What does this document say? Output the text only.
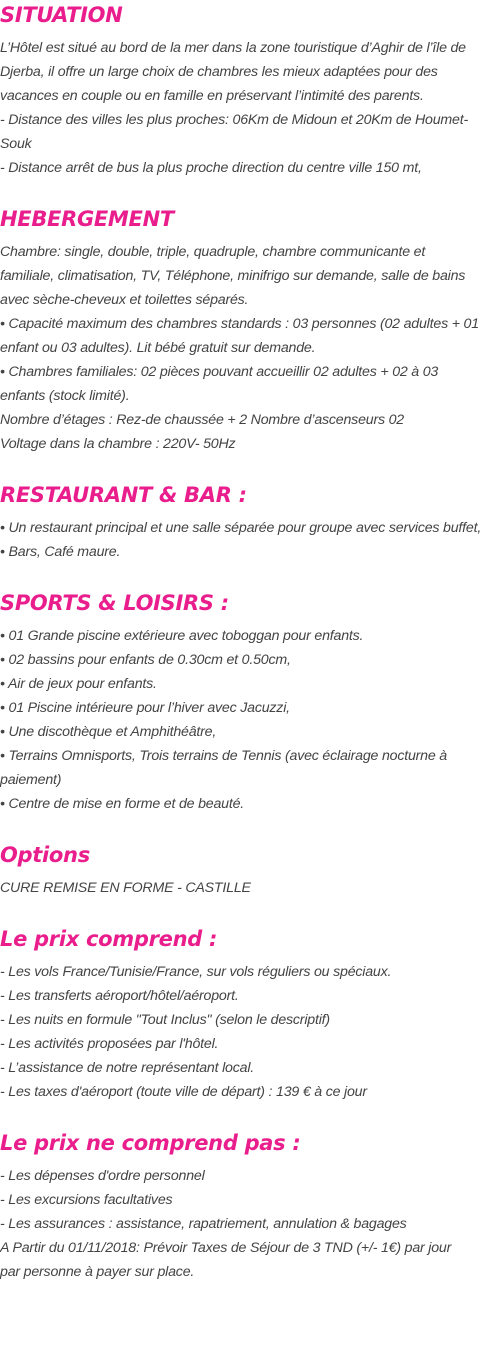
SITUATION

L’Hôtel est situé au bord de la mer dans la zone touristique d’Aghir de l’île de
Djerba, il offre un large choix de chambres les mieux adaptées pour des
vacances en couple ou en famille en préservant l’intimité des parents.
- Distance des villes les plus proches: 06Km de Midoun et 20Km de Houmet-
Souk
- Distance arrêt de bus la plus proche direction du centre ville 150 mt,

HEBERGEMENT

Chambre: single, double, triple, quadruple, chambre communicante et
familiale, climatisation, TV, Téléphone, minifrigo sur demande, salle de bains
avec sèche-cheveux et toilettes séparés.
• Capacité maximum des chambres standards : 03 personnes (02 adultes + 01
enfant ou 03 adultes). Lit bébé gratuit sur demande.
• Chambres familiales: 02 pièces pouvant accueillir 02 adultes + 02 à 03
enfants (stock limité).
Nombre d’étages : Rez-de chaussée + 2 Nombre d’ascenseurs 02
Voltage dans la chambre : 220V- 50Hz

RESTAURANT & BAR :

• Un restaurant principal et une salle séparée pour groupe avec services buffet,
• Bars, Café maure.

SPORTS & LOISIRS :

• 01 Grande piscine extérieure avec toboggan pour enfants.
• 02 bassins pour enfants de 0.30cm et 0.50cm,
• Air de jeux pour enfants.
• 01 Piscine intérieure pour l’hiver avec Jacuzzi,
• Une discothèque et Amphithéâtre,
• Terrains Omnisports, Trois terrains de Tennis (avec éclairage nocturne à
paiement)
• Centre de mise en forme et de beauté.

Options

CURE REMISE EN FORME - CASTILLE

Le prix comprend :

- Les vols France/Tunisie/France, sur vols réguliers ou spéciaux.
- Les transferts aéroport/hôtel/aéroport.
- Les nuits en formule "Tout Inclus" (selon le descriptif)
- Les activités proposées par l'hôtel.
- L’assistance de notre représentant local.
- Les taxes d'aéroport (toute ville de départ) : 139 € à ce jour

Le prix ne comprend pas :

- Les dépenses d'ordre personnel
- Les excursions facultatives
- Les assurances : assistance, rapatriement, annulation & bagages
A Partir du 01/11/2018: Prévoir Taxes de Séjour de 3 TND (+/- 1€) par jour
par personne à payer sur place.
